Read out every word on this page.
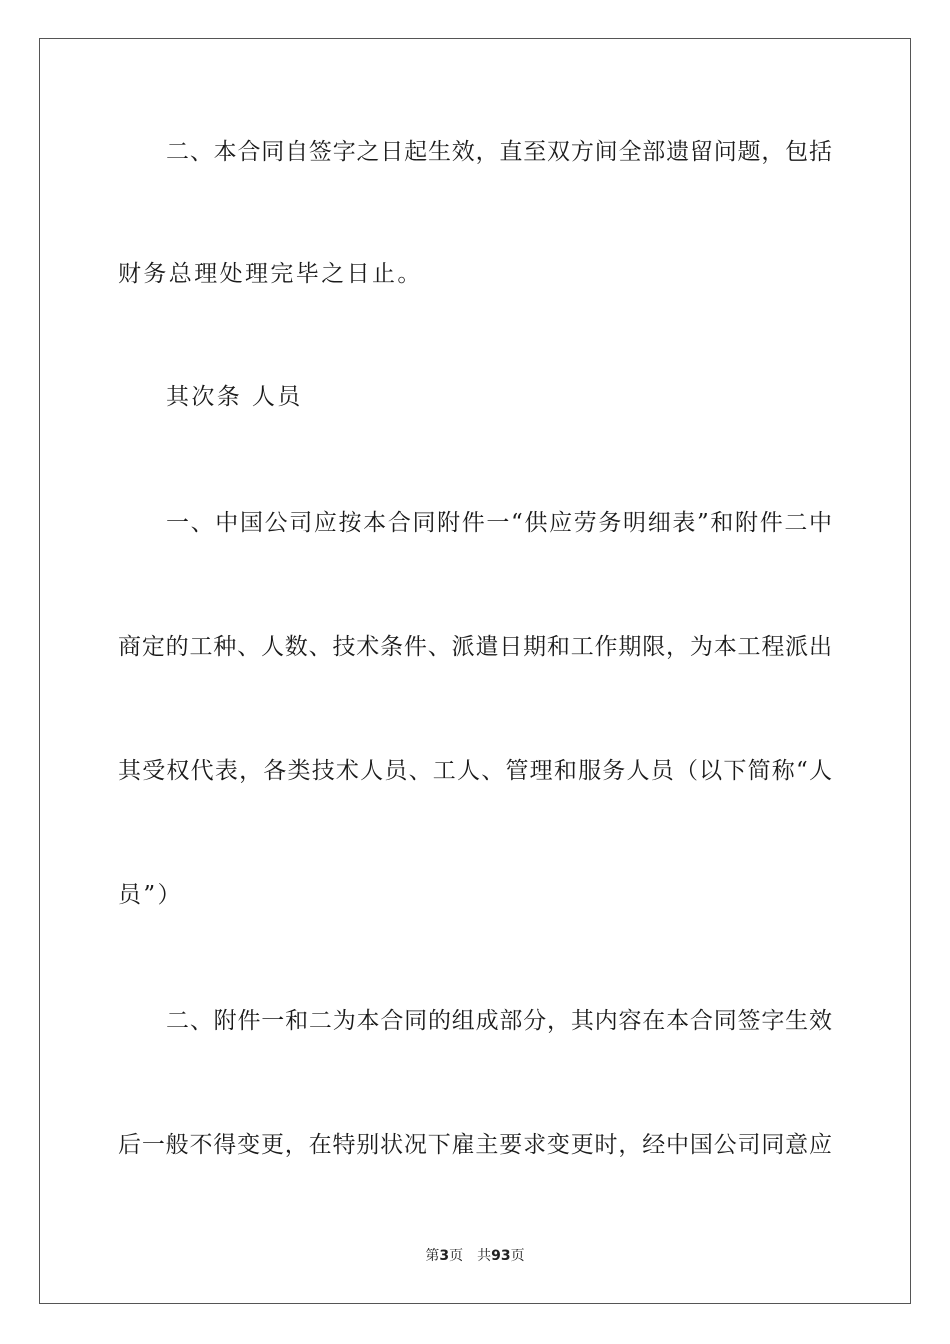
二、本合同自签字之日起生效，直至双方间全部遗留问题，包括
财务总理处理完毕之日止。
其次条 人员
一、中国公司应按本合同附件一“供应劳务明细表”和附件二中
商定的工种、人数、技术条件、派遣日期和工作期限，为本工程派出
其受权代表，各类技术人员、工人、管理和服务人员（以下简称“人
员”）
二、附件一和二为本合同的组成部分，其内容在本合同签字生效
后一般不得变更，在特别状况下雇主要求变更时，经中国公司同意应
第3页 共93页
